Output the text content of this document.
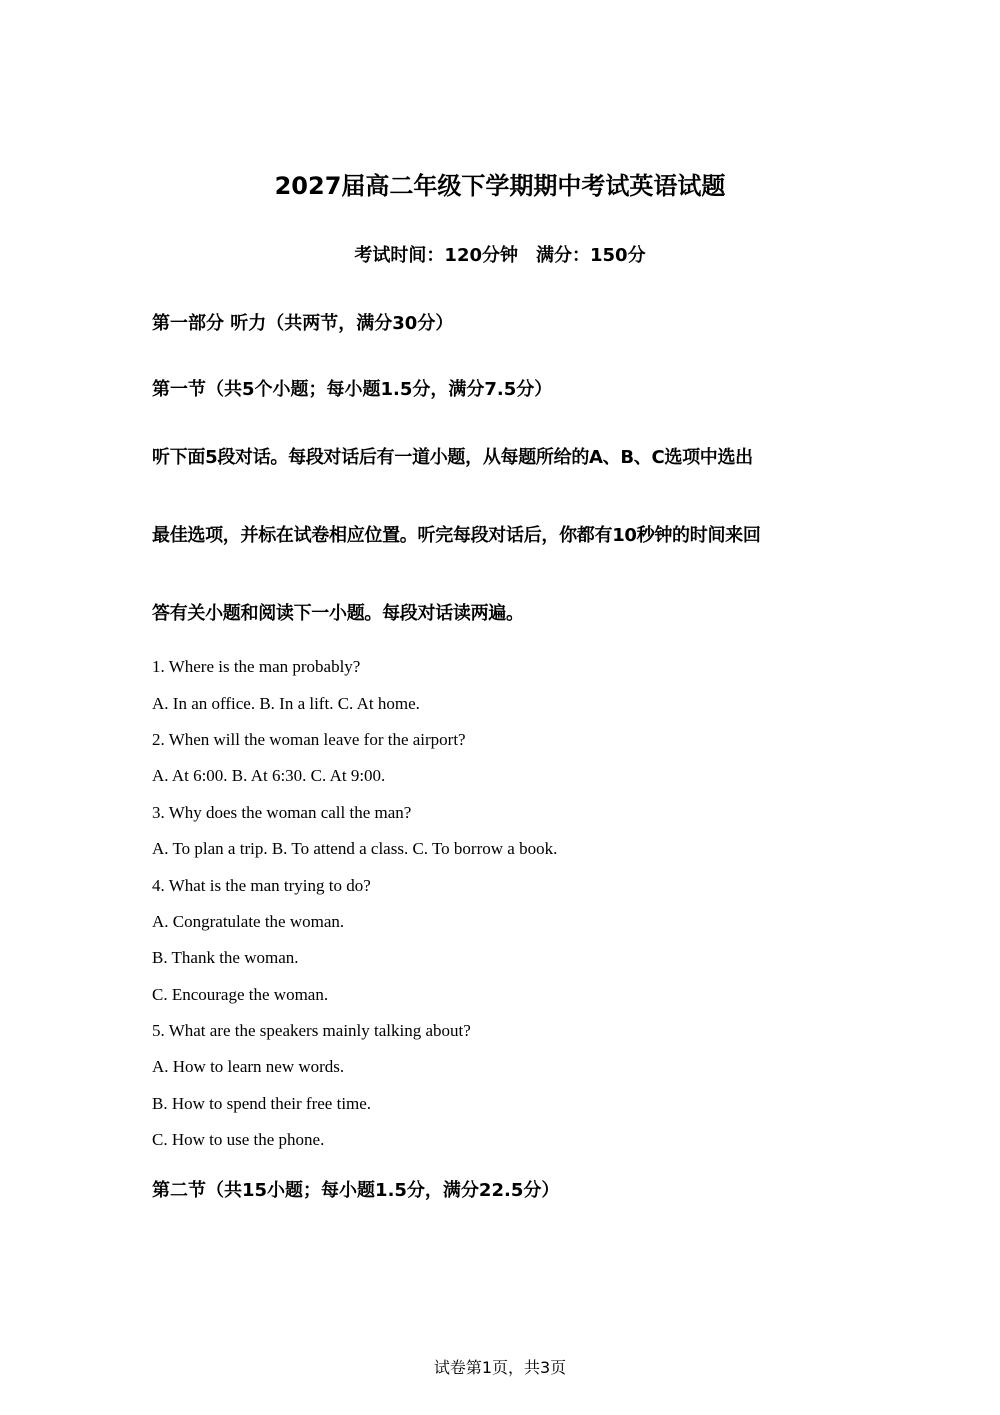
2027届高二年级下学期期中考试英语试题
考试时间：120分钟　满分：150分
第一部分 听力（共两节，满分30分）
第一节（共5个小题；每小题1.5分，满分7.5分）
听下面5段对话。每段对话后有一道小题，从每题所给的A、B、C选项中选出
最佳选项，并标在试卷相应位置。听完每段对话后，你都有10秒钟的时间来回
答有关小题和阅读下一小题。每段对话读两遍。
1. Where is the man probably?
A. In an office. B. In a lift. C. At home.
2. When will the woman leave for the airport?
A. At 6:00. B. At 6:30. C. At 9:00.
3. Why does the woman call the man?
A. To plan a trip. B. To attend a class. C. To borrow a book.
4. What is the man trying to do?
A. Congratulate the woman.
B. Thank the woman.
C. Encourage the woman.
5. What are the speakers mainly talking about?
A. How to learn new words.
B. How to spend their free time.
C. How to use the phone.
第二节（共15小题；每小题1.5分，满分22.5分）
试卷第1页，共3页
